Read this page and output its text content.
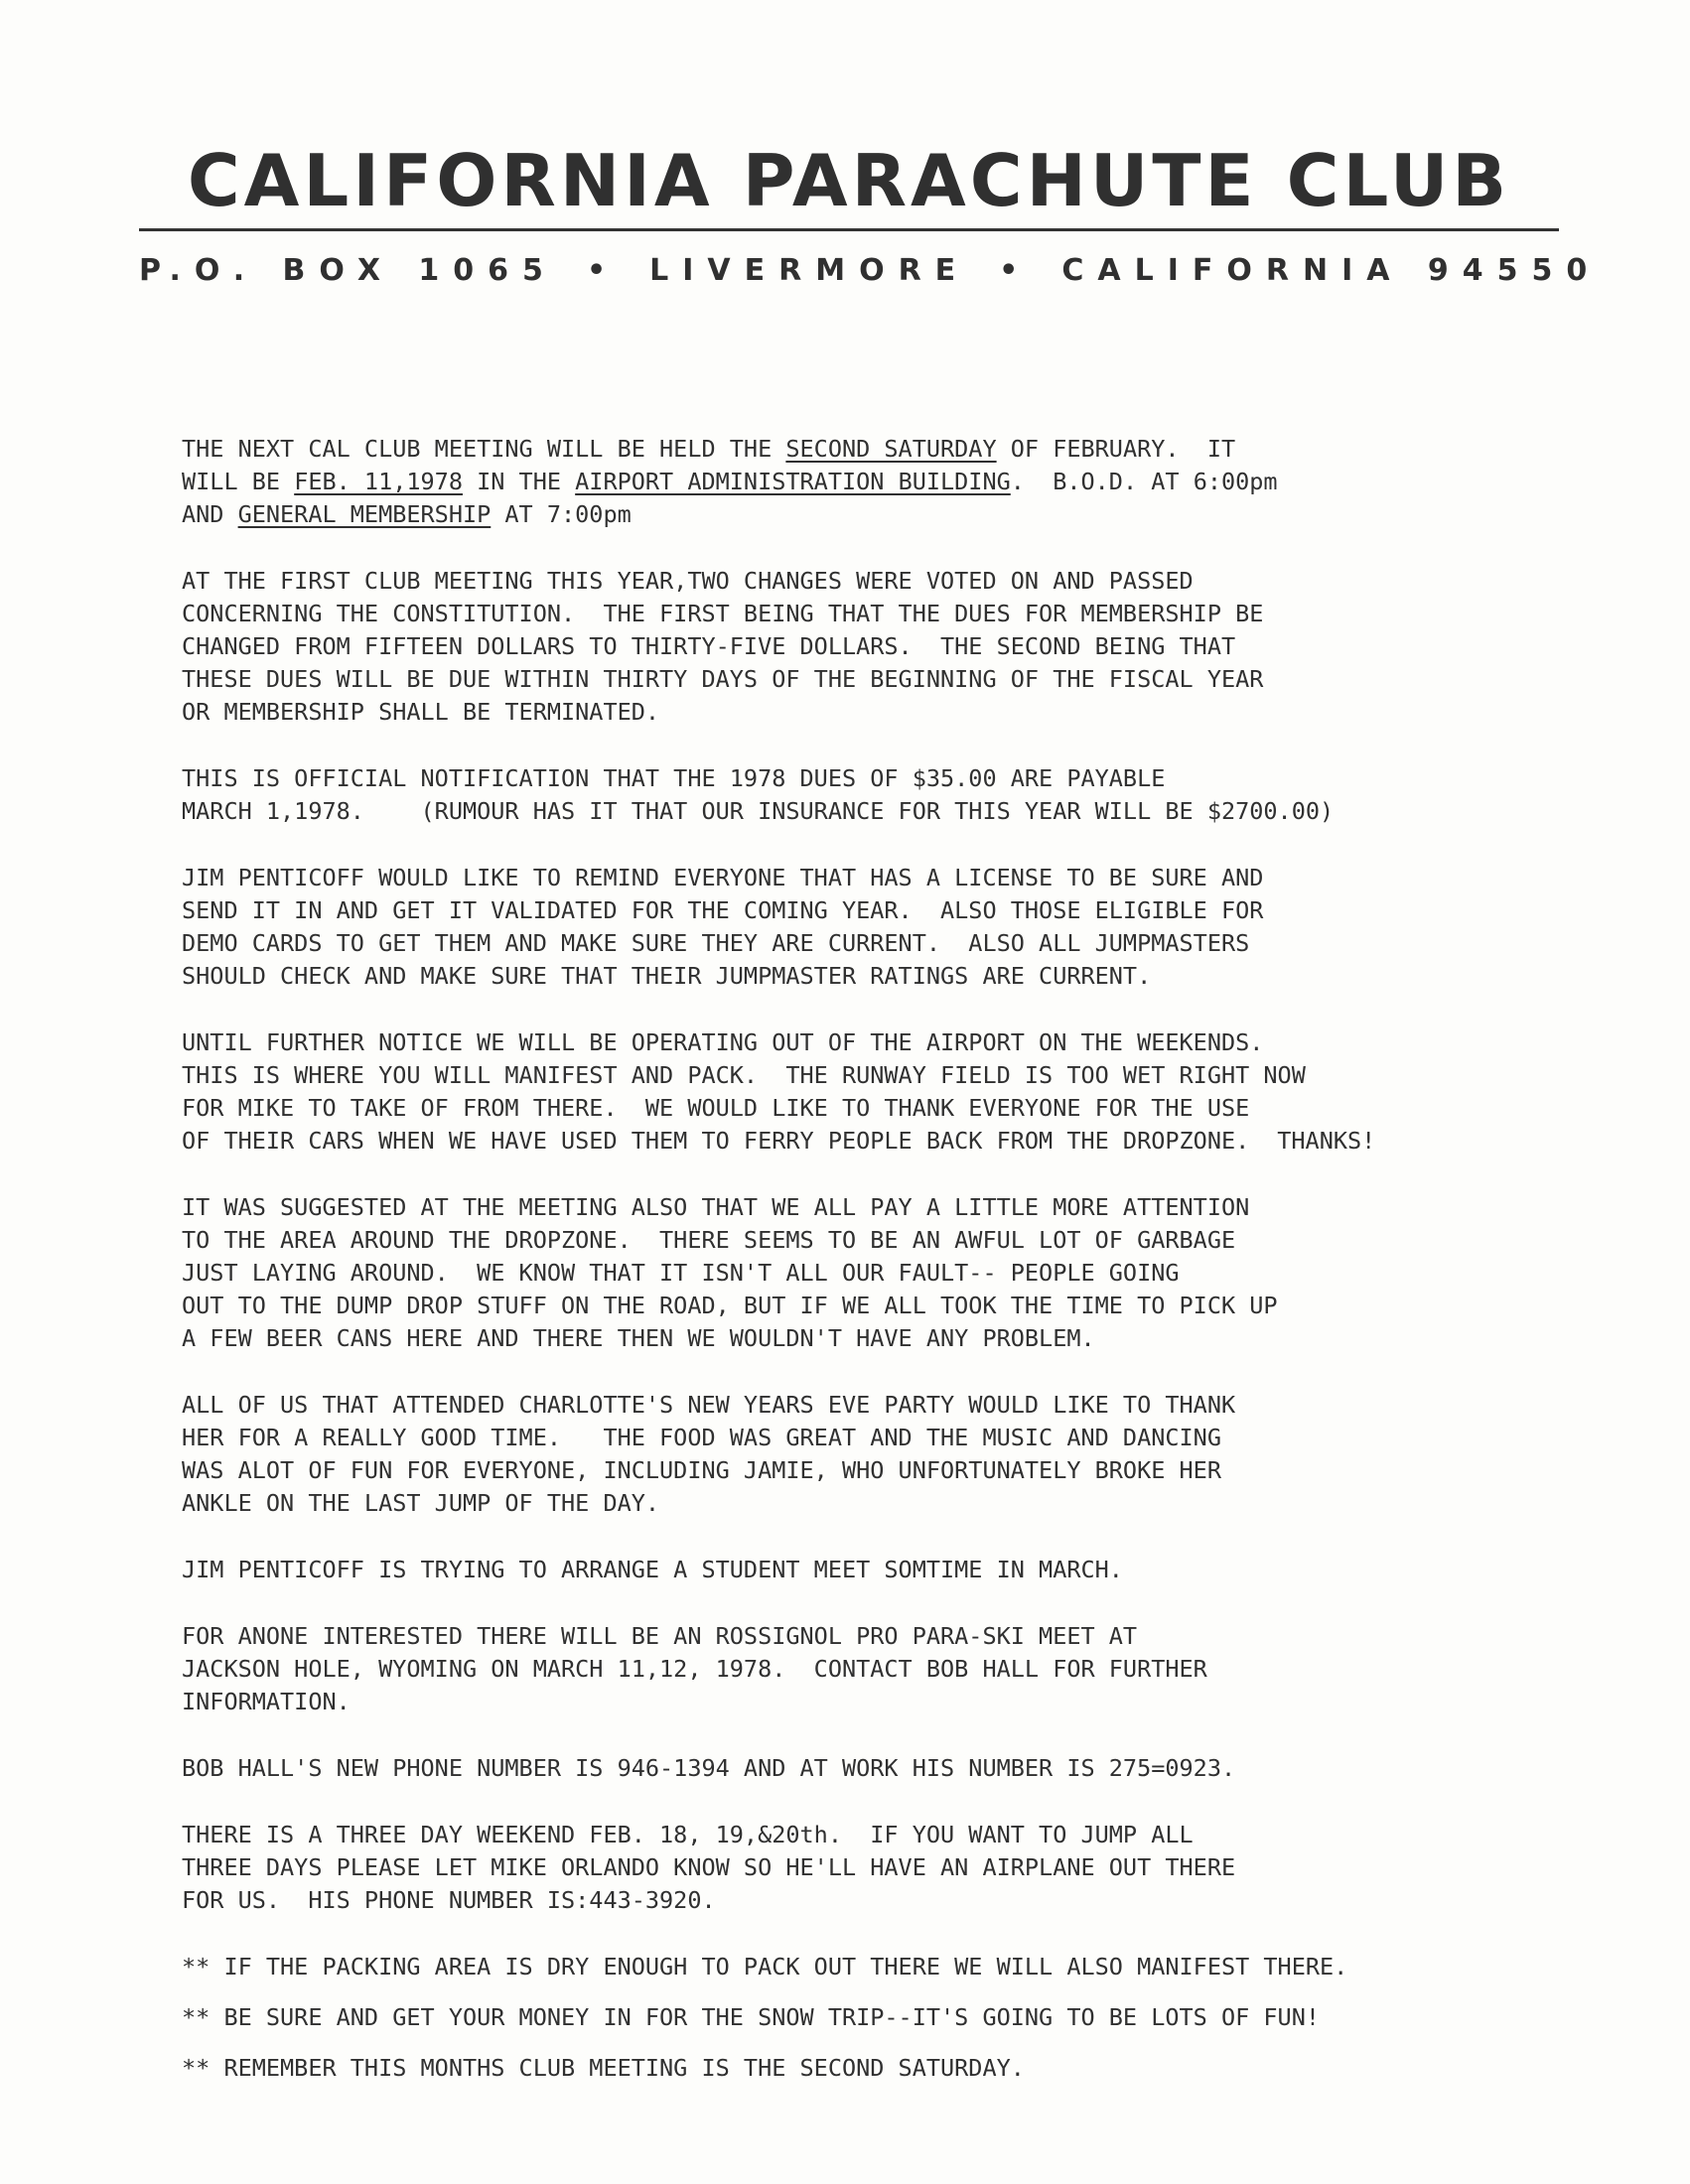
CALIFORNIA PARACHUTE CLUB
P.O. BOX 1065 • LIVERMORE • CALIFORNIA 94550
THE NEXT CAL CLUB MEETING WILL BE HELD THE SECOND SATURDAY OF FEBRUARY.  IT
WILL BE FEB. 11,1978 IN THE AIRPORT ADMINISTRATION BUILDING.  B.O.D. AT 6:00pm
AND GENERAL MEMBERSHIP AT 7:00pm
AT THE FIRST CLUB MEETING THIS YEAR,TWO CHANGES WERE VOTED ON AND PASSED
CONCERNING THE CONSTITUTION.  THE FIRST BEING THAT THE DUES FOR MEMBERSHIP BE
CHANGED FROM FIFTEEN DOLLARS TO THIRTY-FIVE DOLLARS.  THE SECOND BEING THAT
THESE DUES WILL BE DUE WITHIN THIRTY DAYS OF THE BEGINNING OF THE FISCAL YEAR
OR MEMBERSHIP SHALL BE TERMINATED.
THIS IS OFFICIAL NOTIFICATION THAT THE 1978 DUES OF $35.00 ARE PAYABLE
MARCH 1,1978.    (RUMOUR HAS IT THAT OUR INSURANCE FOR THIS YEAR WILL BE $2700.00)
JIM PENTICOFF WOULD LIKE TO REMIND EVERYONE THAT HAS A LICENSE TO BE SURE AND
SEND IT IN AND GET IT VALIDATED FOR THE COMING YEAR.  ALSO THOSE ELIGIBLE FOR
DEMO CARDS TO GET THEM AND MAKE SURE THEY ARE CURRENT.  ALSO ALL JUMPMASTERS
SHOULD CHECK AND MAKE SURE THAT THEIR JUMPMASTER RATINGS ARE CURRENT.
UNTIL FURTHER NOTICE WE WILL BE OPERATING OUT OF THE AIRPORT ON THE WEEKENDS.
THIS IS WHERE YOU WILL MANIFEST AND PACK.  THE RUNWAY FIELD IS TOO WET RIGHT NOW
FOR MIKE TO TAKE OF FROM THERE.  WE WOULD LIKE TO THANK EVERYONE FOR THE USE
OF THEIR CARS WHEN WE HAVE USED THEM TO FERRY PEOPLE BACK FROM THE DROPZONE. THANKS!
IT WAS SUGGESTED AT THE MEETING ALSO THAT WE ALL PAY A LITTLE MORE ATTENTION
TO THE AREA AROUND THE DROPZONE.  THERE SEEMS TO BE AN AWFUL LOT OF GARBAGE
JUST LAYING AROUND.  WE KNOW THAT IT ISN'T ALL OUR FAULT-- PEOPLE GOING
OUT TO THE DUMP DROP STUFF ON THE ROAD, BUT IF WE ALL TOOK THE TIME TO PICK UP
A FEW BEER CANS HERE AND THERE THEN WE WOULDN'T HAVE ANY PROBLEM.
ALL OF US THAT ATTENDED CHARLOTTE'S NEW YEARS EVE PARTY WOULD LIKE TO THANK
HER FOR A REALLY GOOD TIME.   THE FOOD WAS GREAT AND THE MUSIC AND DANCING
WAS ALOT OF FUN FOR EVERYONE, INCLUDING JAMIE, WHO UNFORTUNATELY BROKE HER
ANKLE ON THE LAST JUMP OF THE DAY.
JIM PENTICOFF IS TRYING TO ARRANGE A STUDENT MEET SOMTIME IN MARCH.
FOR ANONE INTERESTED THERE WILL BE AN ROSSIGNOL PRO PARA-SKI MEET AT
JACKSON HOLE, WYOMING ON MARCH 11,12, 1978.  CONTACT BOB HALL FOR FURTHER
INFORMATION.
BOB HALL'S NEW PHONE NUMBER IS 946-1394 AND AT WORK HIS NUMBER IS 275=0923.
THERE IS A THREE DAY WEEKEND FEB. 18, 19,&20th.  IF YOU WANT TO JUMP ALL
THREE DAYS PLEASE LET MIKE ORLANDO KNOW SO HE'LL HAVE AN AIRPLANE OUT THERE
FOR US.  HIS PHONE NUMBER IS:443-3920.
** IF THE PACKING AREA IS DRY ENOUGH TO PACK OUT THERE WE WILL ALSO MANIFEST THERE.
** BE SURE AND GET YOUR MONEY IN FOR THE SNOW TRIP--IT'S GOING TO BE LOTS OF FUN!
** REMEMBER THIS MONTHS CLUB MEETING IS THE SECOND SATURDAY.
